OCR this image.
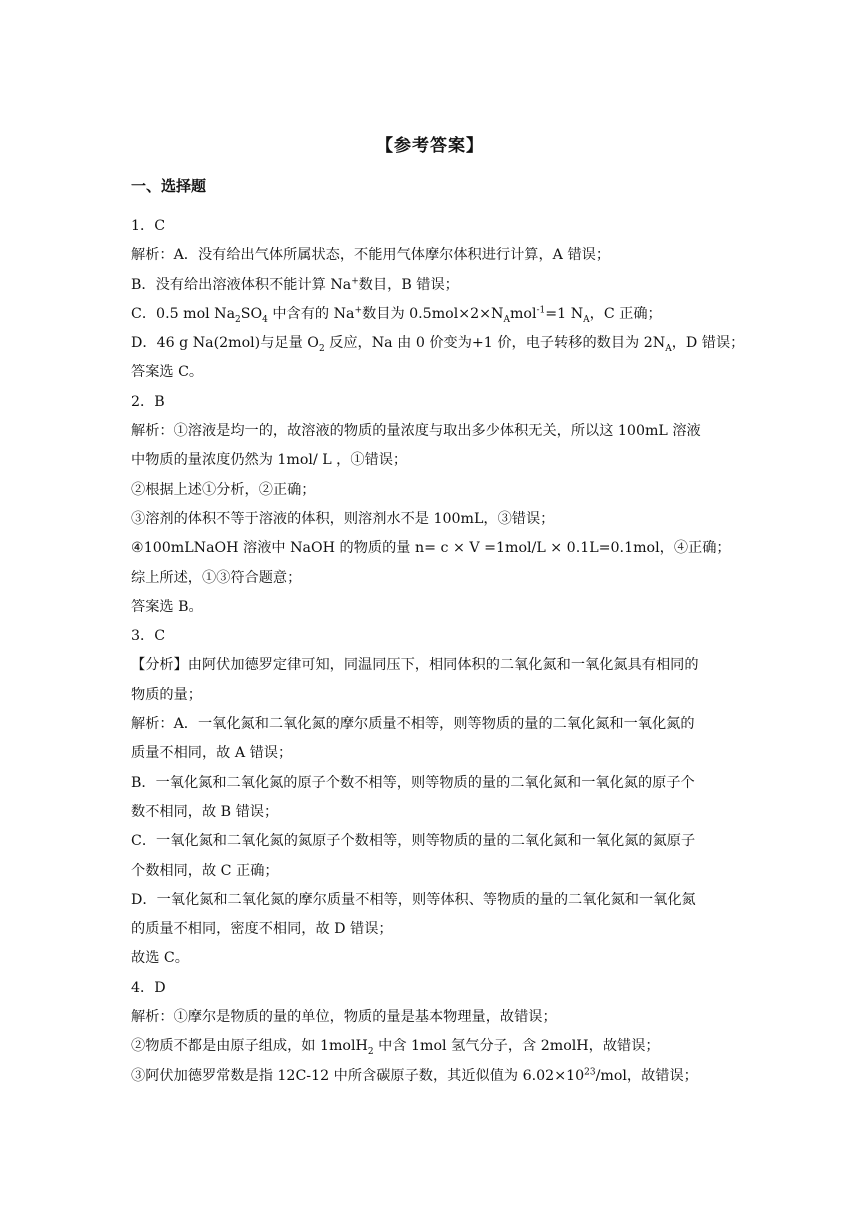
【参考答案】
一、选择题
1．C
解析：A．没有给出气体所属状态，不能用气体摩尔体积进行计算，A 错误；
B．没有给出溶液体积不能计算 Na+数目，B 错误；
C．0.5 mol $Na_2SO_4$ 中含有的 Na+数目为 $0.5mol\times 2\times N_Amol^{-1}=1$ $N_A$，C 正确；
D．46 g Na(2mol)与足量 $O_2$ 反应，Na 由 0 价变为+1 价，电子转移的数目为 $2N_A$，D 错误；
答案选 C。
2．B
解析：①溶液是均一的，故溶液的物质的量浓度与取出多少体积无关，所以这 100mL 溶液
中物质的量浓度仍然为 1mol/ L ，①错误；
②根据上述①分析，②正确；
③溶剂的体积不等于溶液的体积，则溶剂水不是 100mL，③错误；
④100mLNaOH 溶液中 NaOH 的物质的量 n= c × V =1mol/L × 0.1L=0.1mol，④正确；
综上所述，①③符合题意；
答案选 B。
3．C
【分析】由阿伏加德罗定律可知，同温同压下，相同体积的二氧化氮和一氧化氮具有相同的
物质的量；
解析：A．一氧化氮和二氧化氮的摩尔质量不相等，则等物质的量的二氧化氮和一氧化氮的
质量不相同，故 A 错误；
B．一氧化氮和二氧化氮的原子个数不相等，则等物质的量的二氧化氮和一氧化氮的原子个
数不相同，故 B 错误；
C．一氧化氮和二氧化氮的氮原子个数相等，则等物质的量的二氧化氮和一氧化氮的氮原子
个数相同，故 C 正确；
D．一氧化氮和二氧化氮的摩尔质量不相等，则等体积、等物质的量的二氧化氮和一氧化氮
的质量不相同，密度不相同，故 D 错误；
故选 C。
4．D
解析：①摩尔是物质的量的单位，物质的量是基本物理量，故错误；
②物质不都是由原子组成，如 1molH$_2$ 中含 1mol 氢气分子，含 2molH，故错误；
③阿伏加德罗常数是指 12C-12 中所含碳原子数，其近似值为 $6.02\times 10^{23}$/mol，故错误；
